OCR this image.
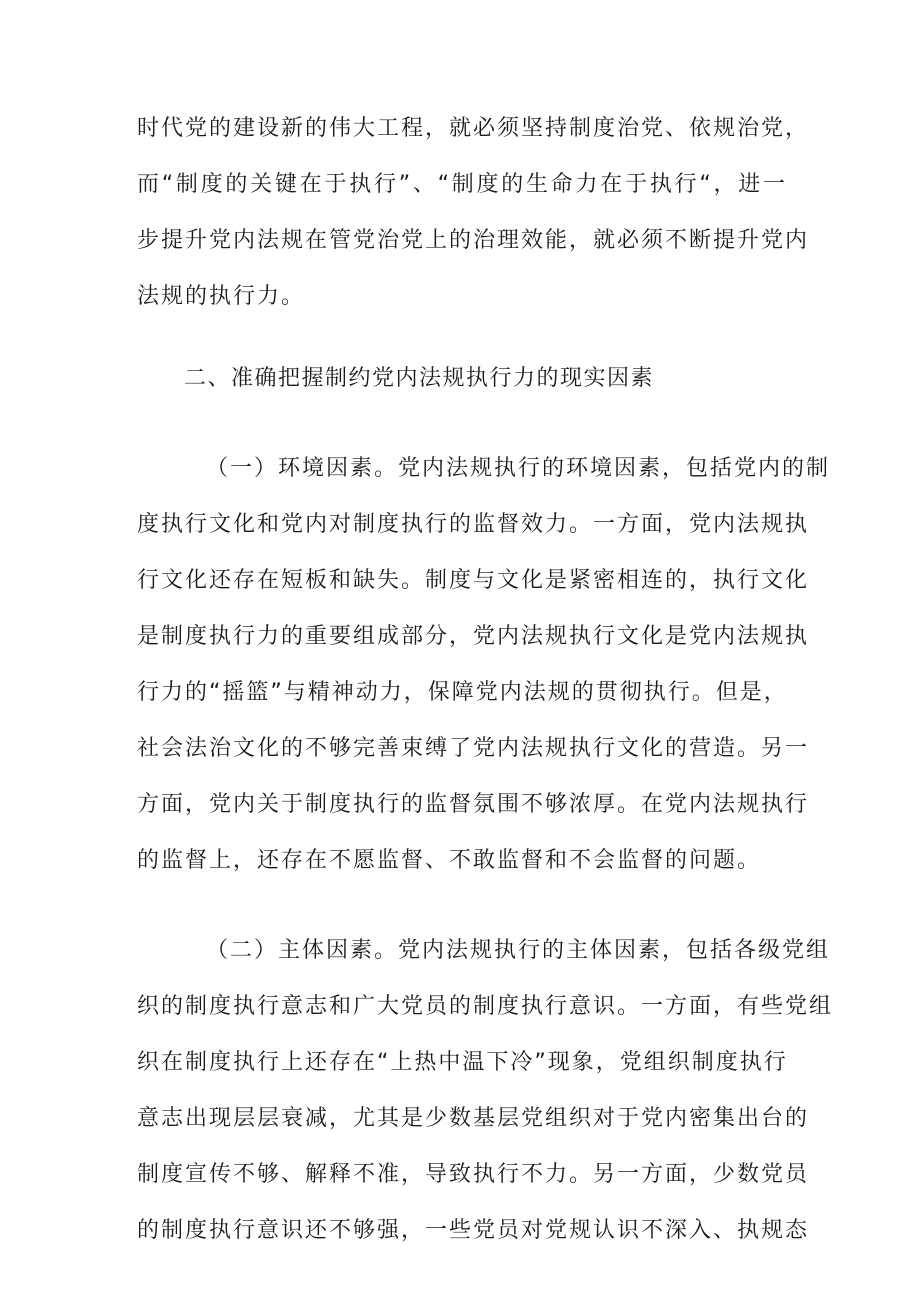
时代党的建设新的伟大工程，就必须坚持制度治党、依规治党，
而“制度的关键在于执行”、“制度的生命力在于执行“，进一
步提升党内法规在管党治党上的治理效能，就必须不断提升党内
法规的执行力。
二、准确把握制约党内法规执行力的现实因素
（一）环境因素。党内法规执行的环境因素，包括党内的制
度执行文化和党内对制度执行的监督效力。一方面，党内法规执
行文化还存在短板和缺失。制度与文化是紧密相连的，执行文化
是制度执行力的重要组成部分，党内法规执行文化是党内法规执
行力的“摇篮”与精神动力，保障党内法规的贯彻执行。但是，
社会法治文化的不够完善束缚了党内法规执行文化的营造。另一
方面，党内关于制度执行的监督氛围不够浓厚。在党内法规执行
的监督上，还存在不愿监督、不敢监督和不会监督的问题。
（二）主体因素。党内法规执行的主体因素，包括各级党组
织的制度执行意志和广大党员的制度执行意识。一方面，有些党组
织在制度执行上还存在“上热中温下冷”现象，党组织制度执行
意志出现层层衰减，尤其是少数基层党组织对于党内密集出台的
制度宣传不够、解释不准，导致执行不力。另一方面，少数党员
的制度执行意识还不够强，一些党员对党规认识不深入、执规态
